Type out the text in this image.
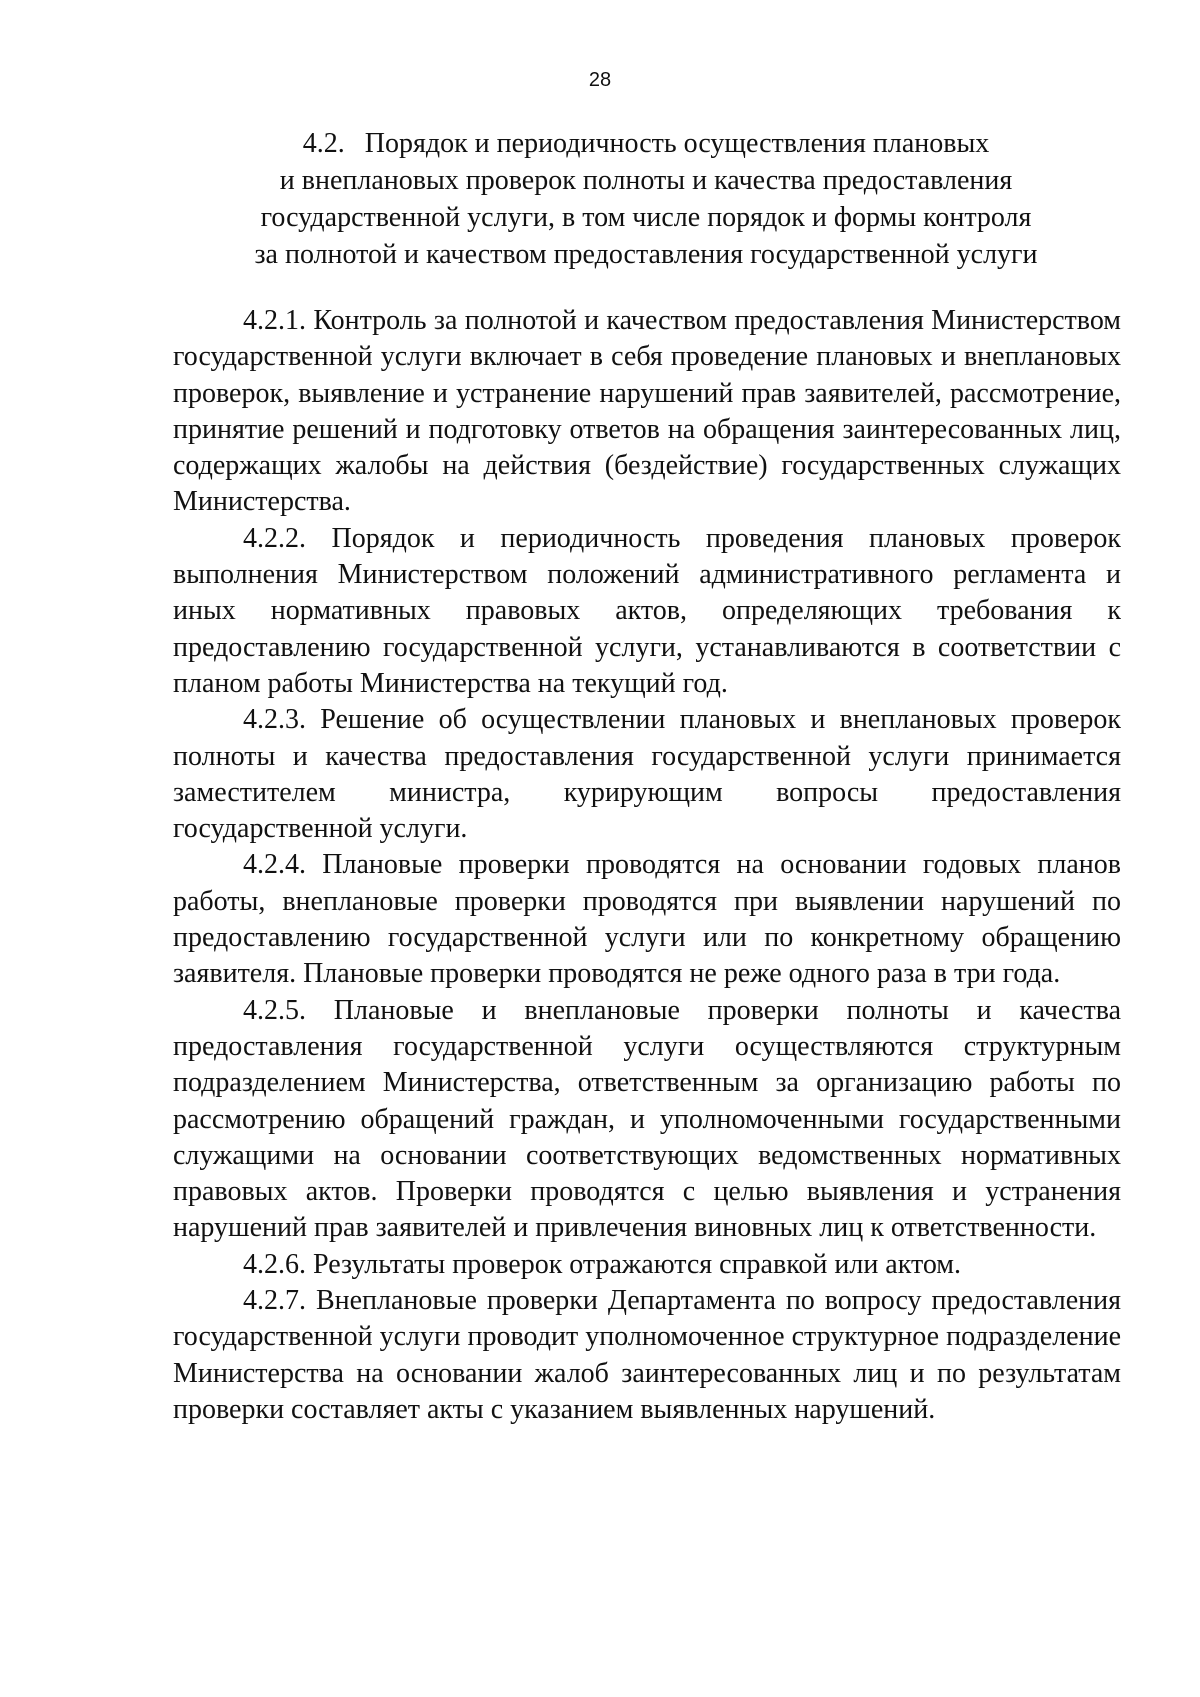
28
4.2. Порядок и периодичность осуществления плановых
и внеплановых проверок полноты и качества предоставления
государственной услуги, в том числе порядок и формы контроля
за полнотой и качеством предоставления государственной услуги

4.2.1. Контроль за полнотой и качеством предоставления Министерством государственной услуги включает в себя проведение плановых и внеплановых проверок, выявление и устранение нарушений прав заявителей, рассмотрение, принятие решений и подготовку ответов на обращения заинтересованных лиц, содержащих жалобы на действия (бездействие) государственных служащих Министерства.

4.2.2. Порядок и периодичность проведения плановых проверок выполнения Министерством положений административного регламента и иных нормативных правовых актов, определяющих требования к предоставлению государственной услуги, устанавливаются в соответствии с планом работы Министерства на текущий год.

4.2.3. Решение об осуществлении плановых и внеплановых проверок полноты и качества предоставления государственной услуги принимается заместителем министра, курирующим вопросы предоставления государственной услуги.

4.2.4. Плановые проверки проводятся на основании годовых планов работы, внеплановые проверки проводятся при выявлении нарушений по предоставлению государственной услуги или по конкретному обращению заявителя. Плановые проверки проводятся не реже одного раза в три года.

4.2.5. Плановые и внеплановые проверки полноты и качества предоставления государственной услуги осуществляются структурным подразделением Министерства, ответственным за организацию работы по рассмотрению обращений граждан, и уполномоченными государственными служащими на основании соответствующих ведомственных нормативных правовых актов. Проверки проводятся с целью выявления и устранения нарушений прав заявителей и привлечения виновных лиц к ответственности.

4.2.6. Результаты проверок отражаются справкой или актом.

4.2.7. Внеплановые проверки Департамента по вопросу предоставления государственной услуги проводит уполномоченное структурное подразделение Министерства на основании жалоб заинтересованных лиц и по результатам проверки составляет акты с указанием выявленных нарушений.
